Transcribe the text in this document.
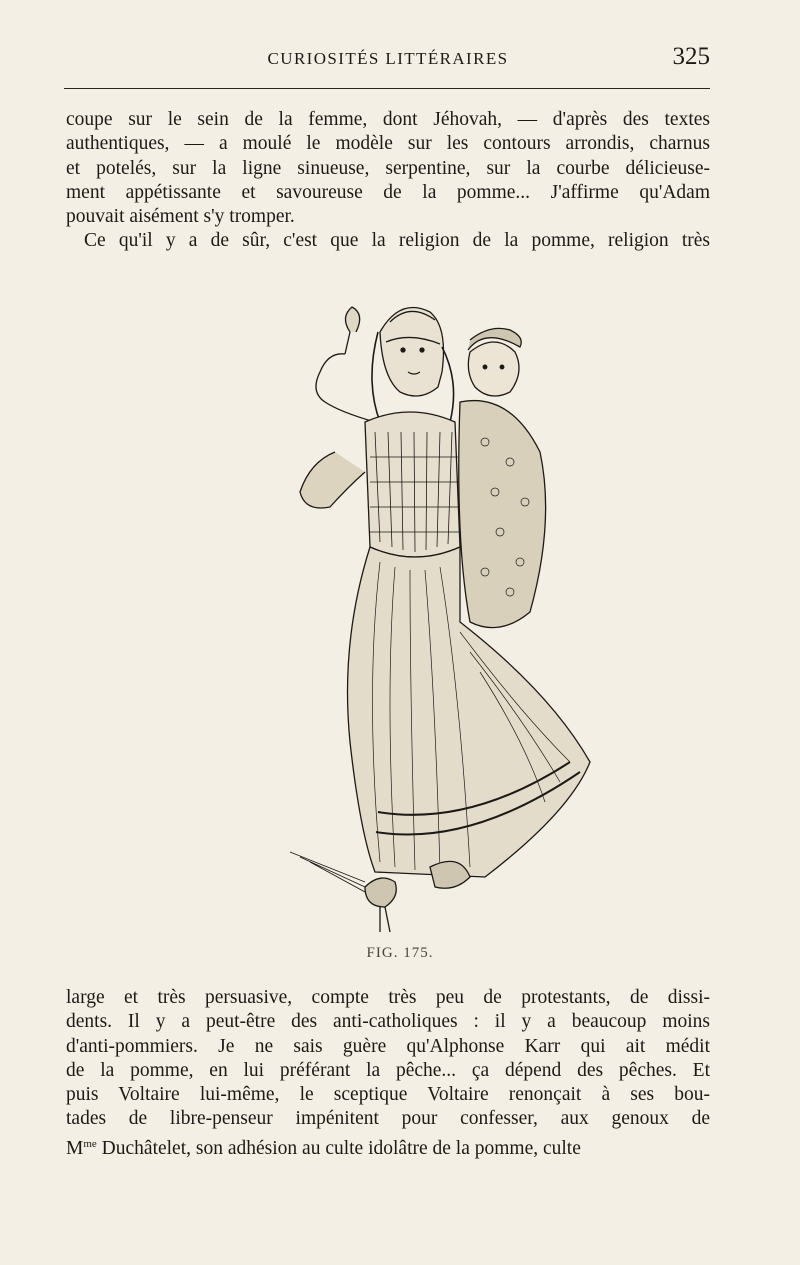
CURIOSITÉS LITTÉRAIRES	325
coupe sur le sein de la femme, dont Jéhovah, — d'après des textes
authentiques, — a moulé le modèle sur les contours arrondis, charnus
et potelés, sur la ligne sinueuse, serpentine, sur la courbe délicieuse-
ment appétissante et savoureuse de la pomme... J'affirme qu'Adam
pouvait aisément s'y tromper.
Ce qu'il y a de sûr, c'est que la religion de la pomme, religion très
FIG. 175.
large et très persuasive, compte très peu de protestants, de dissi-
dents. Il y a peut-être des anti-catholiques : il y a beaucoup moins
d'anti-pommiers. Je ne sais guère qu'Alphonse Karr qui ait médit
de la pomme, en lui préférant la pêche... ça dépend des pêches. Et
puis Voltaire lui-même, le sceptique Voltaire renonçait à ses bou-
tades de libre-penseur impénitent pour confesser, aux genoux de
$M^{me}$ Duchâtelet, son adhésion au culte idolâtre de la pomme, culte
